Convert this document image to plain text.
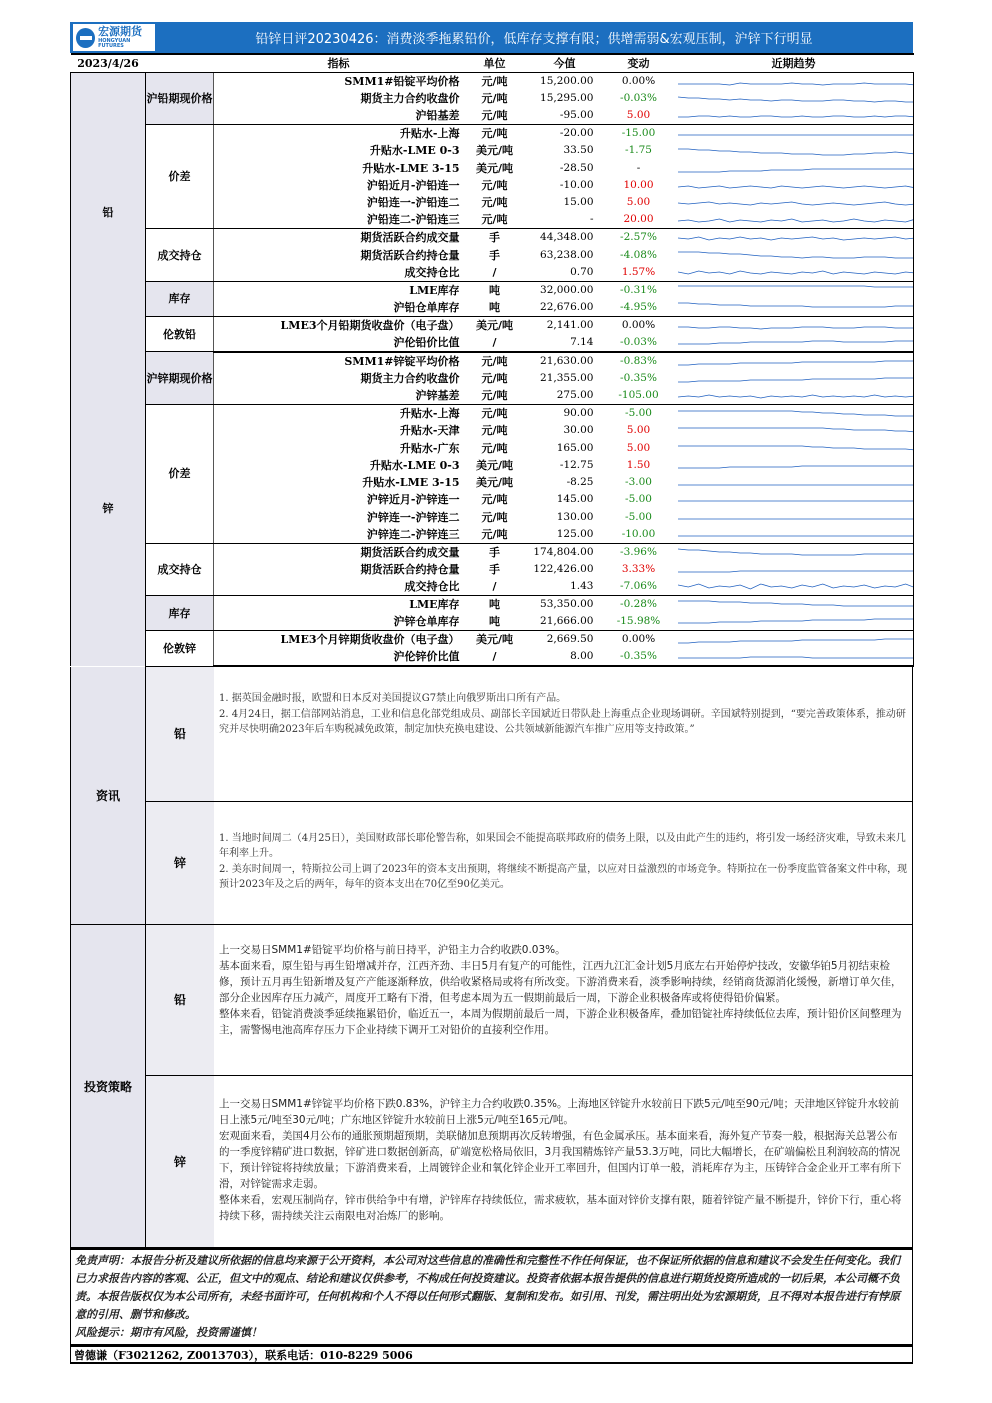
宏源期货
HONGYUAN FUTURES	铅锌日评20230426：消费淡季拖累铅价，低库存支撑有限；供增需弱&宏观压制，沪锌下行明显
2023/4/26		指标	单位	今值	变动	近期趋势
铅	沪铅期现价格	SMM1#铅锭平均价格	元/吨	15,200.00	0.00%	

		期货主力合约收盘价	元/吨	15,295.00	-0.03%	

		沪铅基差	元/吨	-95.00	5.00	

	价差	升贴水-上海	元/吨	-20.00	-15.00	

		升贴水-LME 0-3	美元/吨	33.50	-1.75	

		升贴水-LME 3-15	美元/吨	-28.50	-	

		沪铅近月-沪铅连一	元/吨	-10.00	10.00	

		沪铅连一-沪铅连二	元/吨	15.00	5.00	

		沪铅连二-沪铅连三	元/吨	-	20.00	

	成交持仓	期货活跃合约成交量	手	44,348.00	-2.57%	

		期货活跃合约持仓量	手	63,238.00	-4.08%	

		成交持仓比	/	0.70	1.57%	

	库存	LME库存	吨	32,000.00	-0.31%	

		沪铅仓单库存	吨	22,676.00	-4.95%	

	伦敦铅	LME3个月铅期货收盘价（电子盘）	美元/吨	2,141.00	0.00%	

		沪伦铅价比值	/	7.14	-0.03%	

锌	沪锌期现价格	SMM1#锌锭平均价格	元/吨	21,630.00	-0.83%	

		期货主力合约收盘价	元/吨	21,355.00	-0.35%	

		沪锌基差	元/吨	275.00	-105.00	

	价差	升贴水-上海	元/吨	90.00	-5.00	

		升贴水-天津	元/吨	30.00	5.00	

		升贴水-广东	元/吨	165.00	5.00	

		升贴水-LME 0-3	美元/吨	-12.75	1.50	

		升贴水-LME 3-15	美元/吨	-8.25	-3.00	

		沪锌近月-沪锌连一	元/吨	145.00	-5.00	

		沪锌连一-沪锌连二	元/吨	130.00	-5.00	

		沪锌连二-沪锌连三	元/吨	125.00	-10.00	

	成交持仓	期货活跃合约成交量	手	174,804.00	-3.96%	

		期货活跃合约持仓量	手	122,426.00	3.33%	

		成交持仓比	/	1.43	-7.06%	

	库存	LME库存	吨	53,350.00	-0.28%	

		沪锌仓单库存	吨	21,666.00	-15.98%	

	伦敦锌	LME3个月锌期货收盘价（电子盘）	美元/吨	2,669.50	0.00%	

		沪伦锌价比值	/	8.00	-0.35%	
资讯
铅
1. 据英国金融时报，欧盟和日本反对美国提议G7禁止向俄罗斯出口所有产品。
2. 4月24日，据工信部网站消息，工业和信息化部党组成员、副部长辛国斌近日带队赴上海重点企业现场调研。辛国斌特别提到，“要完善政策体系，推动研究并尽快明确2023年后车购税减免政策，制定加快充换电建设、公共领域新能源汽车推广应用等支持政策。”
锌
1. 当地时间周二（4月25日），美国财政部长耶伦警告称，如果国会不能提高联邦政府的债务上限，以及由此产生的违约，将引发一场经济灾难，导致未来几年利率上升。
2. 美东时间周一，特斯拉公司上调了2023年的资本支出预期，将继续不断提高产量，以应对日益激烈的市场竞争。特斯拉在一份季度监管备案文件中称，现预计2023年及之后的两年，每年的资本支出在70亿至90亿美元。
投资策略
铅
上一交易日SMM1#铅锭平均价格与前日持平，沪铅主力合约收跌0.03%。
基本面来看，原生铅与再生铅增减并存，江西齐劲、丰日5月有复产的可能性，江西九江汇金计划5月底左右开始停炉技改，安徽华铂5月初结束检修，预计五月再生铅新增及复产产能逐渐释放，供给收紧格局或将有所改变。下游消费来看，淡季影响持续，经销商货源消化缓慢，新增订单欠佳，部分企业因库存压力减产，周度开工略有下滑，但考虑本周为五一假期前最后一周，下游企业积极备库或将使得铅价偏紧。
整体来看，铅锭消费淡季延续拖累铅价，临近五一，本周为假期前最后一周，下游企业积极备库，叠加铅锭社库持续低位去库，预计铅价区间整理为主，需警惕电池高库存压力下企业持续下调开工对铅价的直接利空作用。
锌
上一交易日SMM1#锌锭平均价格下跌0.83%，沪锌主力合约收跌0.35%。上海地区锌锭升水较前日下跌5元/吨至90元/吨；天津地区锌锭升水较前日上涨5元/吨至30元/吨；广东地区锌锭升水较前日上涨5元/吨至165元/吨。
宏观面来看，美国4月公布的通胀预期超预期，美联储加息预期再次反转增强，有色金属承压。基本面来看，海外复产节奏一般，根据海关总署公布的一季度锌精矿进口数据，锌矿进口数据创新高，矿端宽松格局依旧，3月我国精炼锌产量53.3万吨，同比大幅增长，在矿端偏松且利润较高的情况下，预计锌锭将持续放量；下游消费来看，上周镀锌企业和氧化锌企业开工率回升，但国内订单一般，消耗库存为主，压铸锌合金企业开工率有所下滑，对锌锭需求走弱。
整体来看，宏观压制尚存，锌市供给争中有增，沪锌库存持续低位，需求疲软，基本面对锌价支撑有限，随着锌锭产量不断提升，锌价下行，重心将持续下移，需持续关注云南限电对冶炼厂的影响。
免责声明：本报告分析及建议所依据的信息均来源于公开资料，本公司对这些信息的准确性和完整性不作任何保证，也不保证所依据的信息和建议不会发生任何变化。我们已力求报告内容的客观、公正，但文中的观点、结论和建议仅供参考，不构成任何投资建议。投资者依据本报告提供的信息进行期货投资所造成的一切后果，本公司概不负责。本报告版权仅为本公司所有，未经书面许可，任何机构和个人不得以任何形式翻版、复制和发布。如引用、刊发，需注明出处为宏源期货，且不得对本报告进行有悖原意的引用、删节和修改。
风险提示：期市有风险，投资需谨慎！
曾德谦（F3021262, Z0013703），联系电话：010-8229 5006
